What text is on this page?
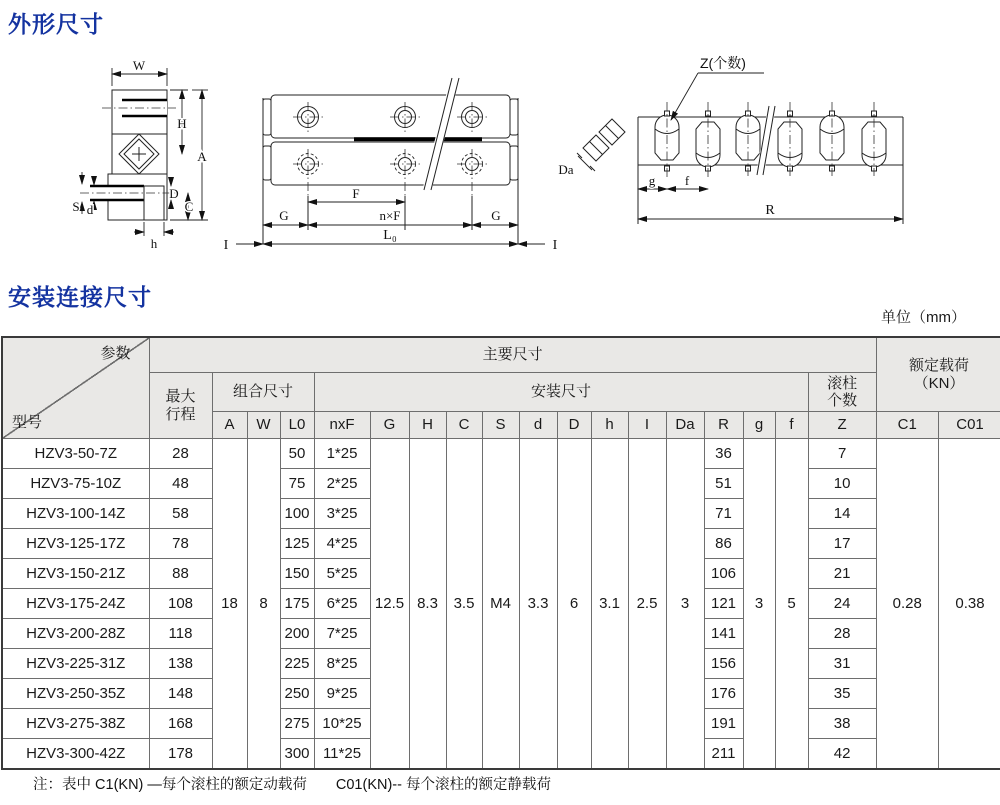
外形尺寸
W
S d
H
A
D
C
h
F
G	n×F	G
L₀
I	I
Da
Z(个数)
g f
R
安装连接尺寸
单位（mm）
参数
型号
	主要尺寸	
额定载荷
（KN）

最大
行程
	组合尺寸	安装尺寸	
滚柱
个数

		A	W	L0	nxF	G	H	C	S	d	D	h	I	Da	R	g	f	Z	C1	C01
HZV3-50-7Z	28	18	8	50	1*25	12.5	8.3	3.5	M4	3.3	6	3.1	2.5	3	36	3	5	7	0.28	0.38
HZV3-75-10Z	48			75	2*25										51			10		
HZV3-100-14Z	58			100	3*25										71			14		
HZV3-125-17Z	78			125	4*25										86			17		
HZV3-150-21Z	88			150	5*25										106			21		
HZV3-175-24Z	108			175	6*25										121			24		
HZV3-200-28Z	118			200	7*25										141			28		
HZV3-225-31Z	138			225	8*25										156			31		
HZV3-250-35Z	148			250	9*25										176			35		
HZV3-275-38Z	168			275	10*25										191			38		
HZV3-300-42Z	178			300	11*25										211			42		
注：表中 C1(KN) —每个滚柱的额定动载荷　　C01(KN)-- 每个滚柱的额定静载荷
